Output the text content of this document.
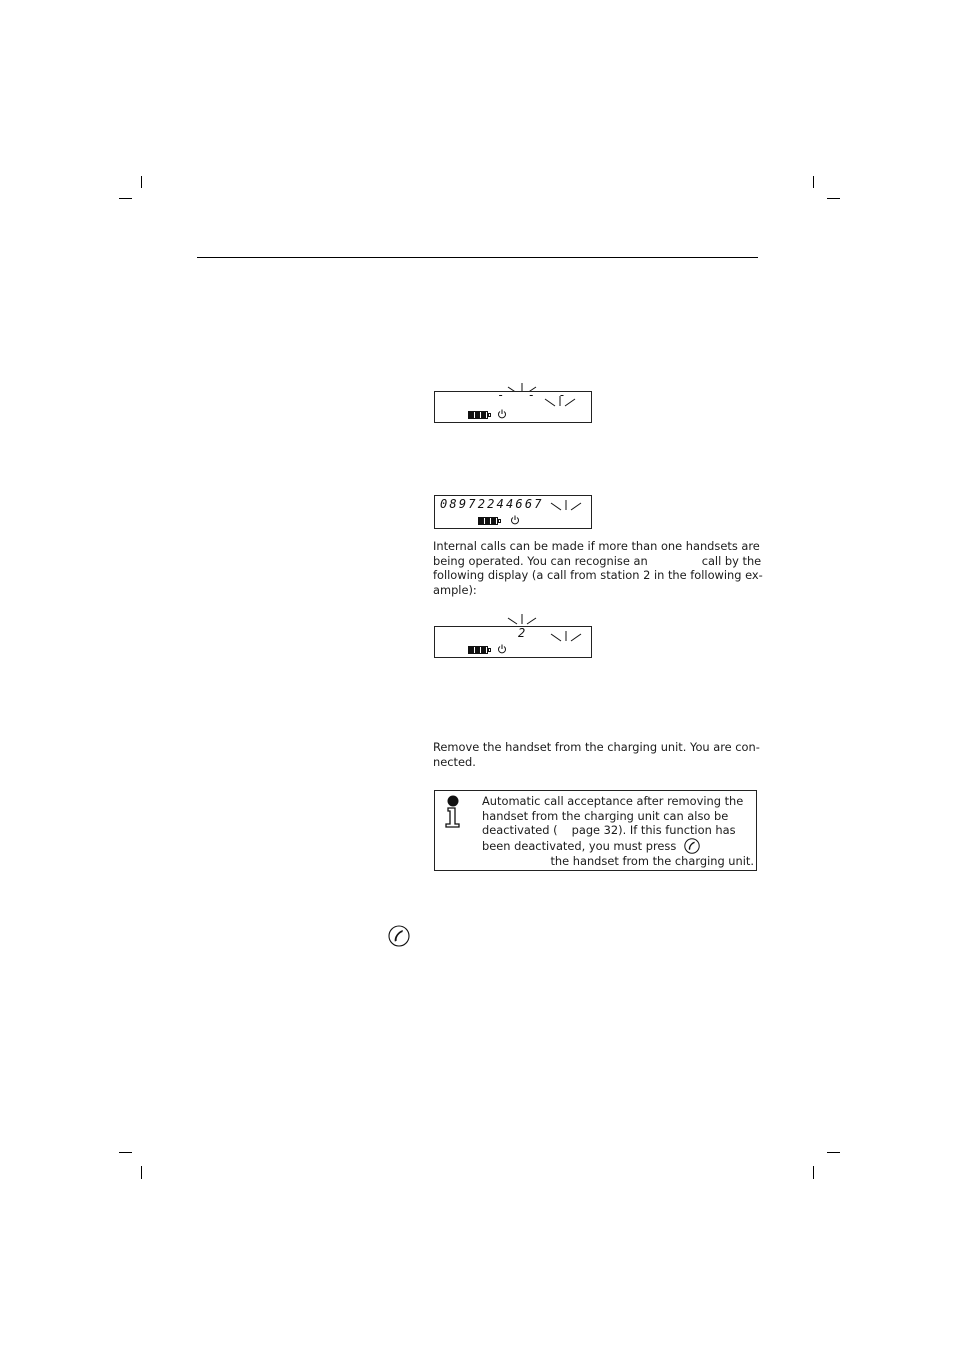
-  -  -
08972244667
Internal calls can be made if more than one handsets are
being operated. You can recognise an	call by the
following display (a call from station 2 in the following ex-
ample):
2
Remove the handset from the charging unit. You are con-
nected.
Automatic call acceptance after removing the
handset from the charging unit can also be
deactivated ( page 32). If this function has
been deactivated, you must press
the handset from the charging unit.
